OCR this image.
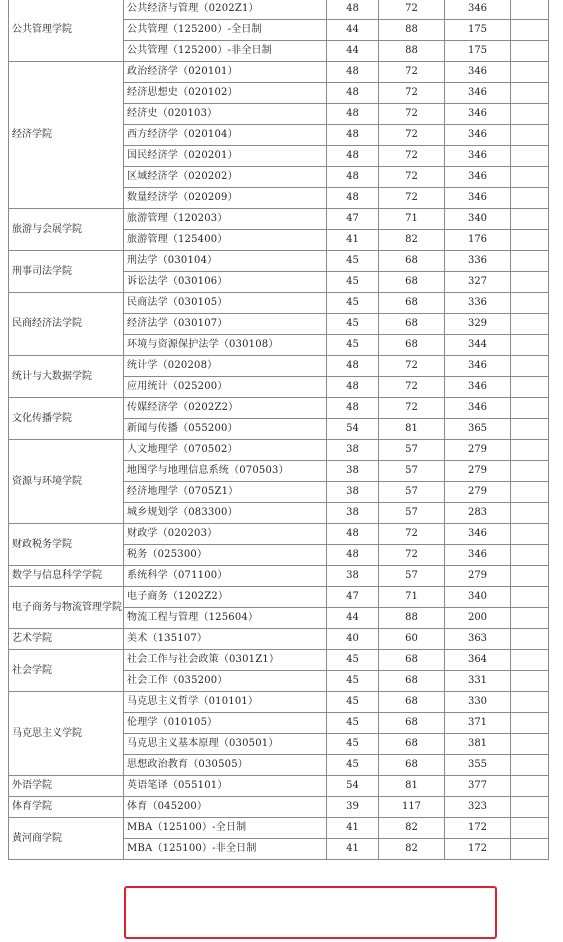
公共管理学院	公共经济与管理（0202Z1）	48	72	346	
	公共管理（125200）-全日制	44	88	175	
	公共管理（125200）-非全日制	44	88	175	
经济学院	政治经济学（020101）	48	72	346	
	经济思想史（020102）	48	72	346	
	经济史（020103）	48	72	346	
	西方经济学（020104）	48	72	346	
	国民经济学（020201）	48	72	346	
	区域经济学（020202）	48	72	346	
	数量经济学（020209）	48	72	346	
旅游与会展学院	旅游管理（120203）	47	71	340	
	旅游管理（125400）	41	82	176	
刑事司法学院	刑法学（030104）	45	68	336	
	诉讼法学（030106）	45	68	327	
民商经济法学院	民商法学（030105）	45	68	336	
	经济法学（030107）	45	68	329	
	环境与资源保护法学（030108）	45	68	344	
统计与大数据学院	统计学（020208）	48	72	346	
	应用统计（025200）	48	72	346	
文化传播学院	传媒经济学（0202Z2）	48	72	346	
	新闻与传播（055200）	54	81	365	
资源与环境学院	人文地理学（070502）	38	57	279	
	地图学与地理信息系统（070503）	38	57	279	
	经济地理学（0705Z1）	38	57	279	
	城乡规划学（083300）	38	57	283	
财政税务学院	财政学（020203）	48	72	346	
	税务（025300）	48	72	346	
数学与信息科学学院	系统科学（071100）	38	57	279	
电子商务与物流管理学院	电子商务（1202Z2）	47	71	340	
	物流工程与管理（125604）	44	88	200	
艺术学院	美术（135107）	40	60	363	
社会学院	社会工作与社会政策（0301Z1）	45	68	364	
	社会工作（035200）	45	68	331	
马克思主义学院	马克思主义哲学（010101）	45	68	330	
	伦理学（010105）	45	68	371	
	马克思主义基本原理（030501）	45	68	381	
	思想政治教育（030505）	45	68	355	
外语学院	英语笔译（055101）	54	81	377	
体育学院	体育（045200）	39	117	323	
黄河商学院	MBA（125100）-全日制	41	82	172	
	MBA（125100）-非全日制	41	82	172	
